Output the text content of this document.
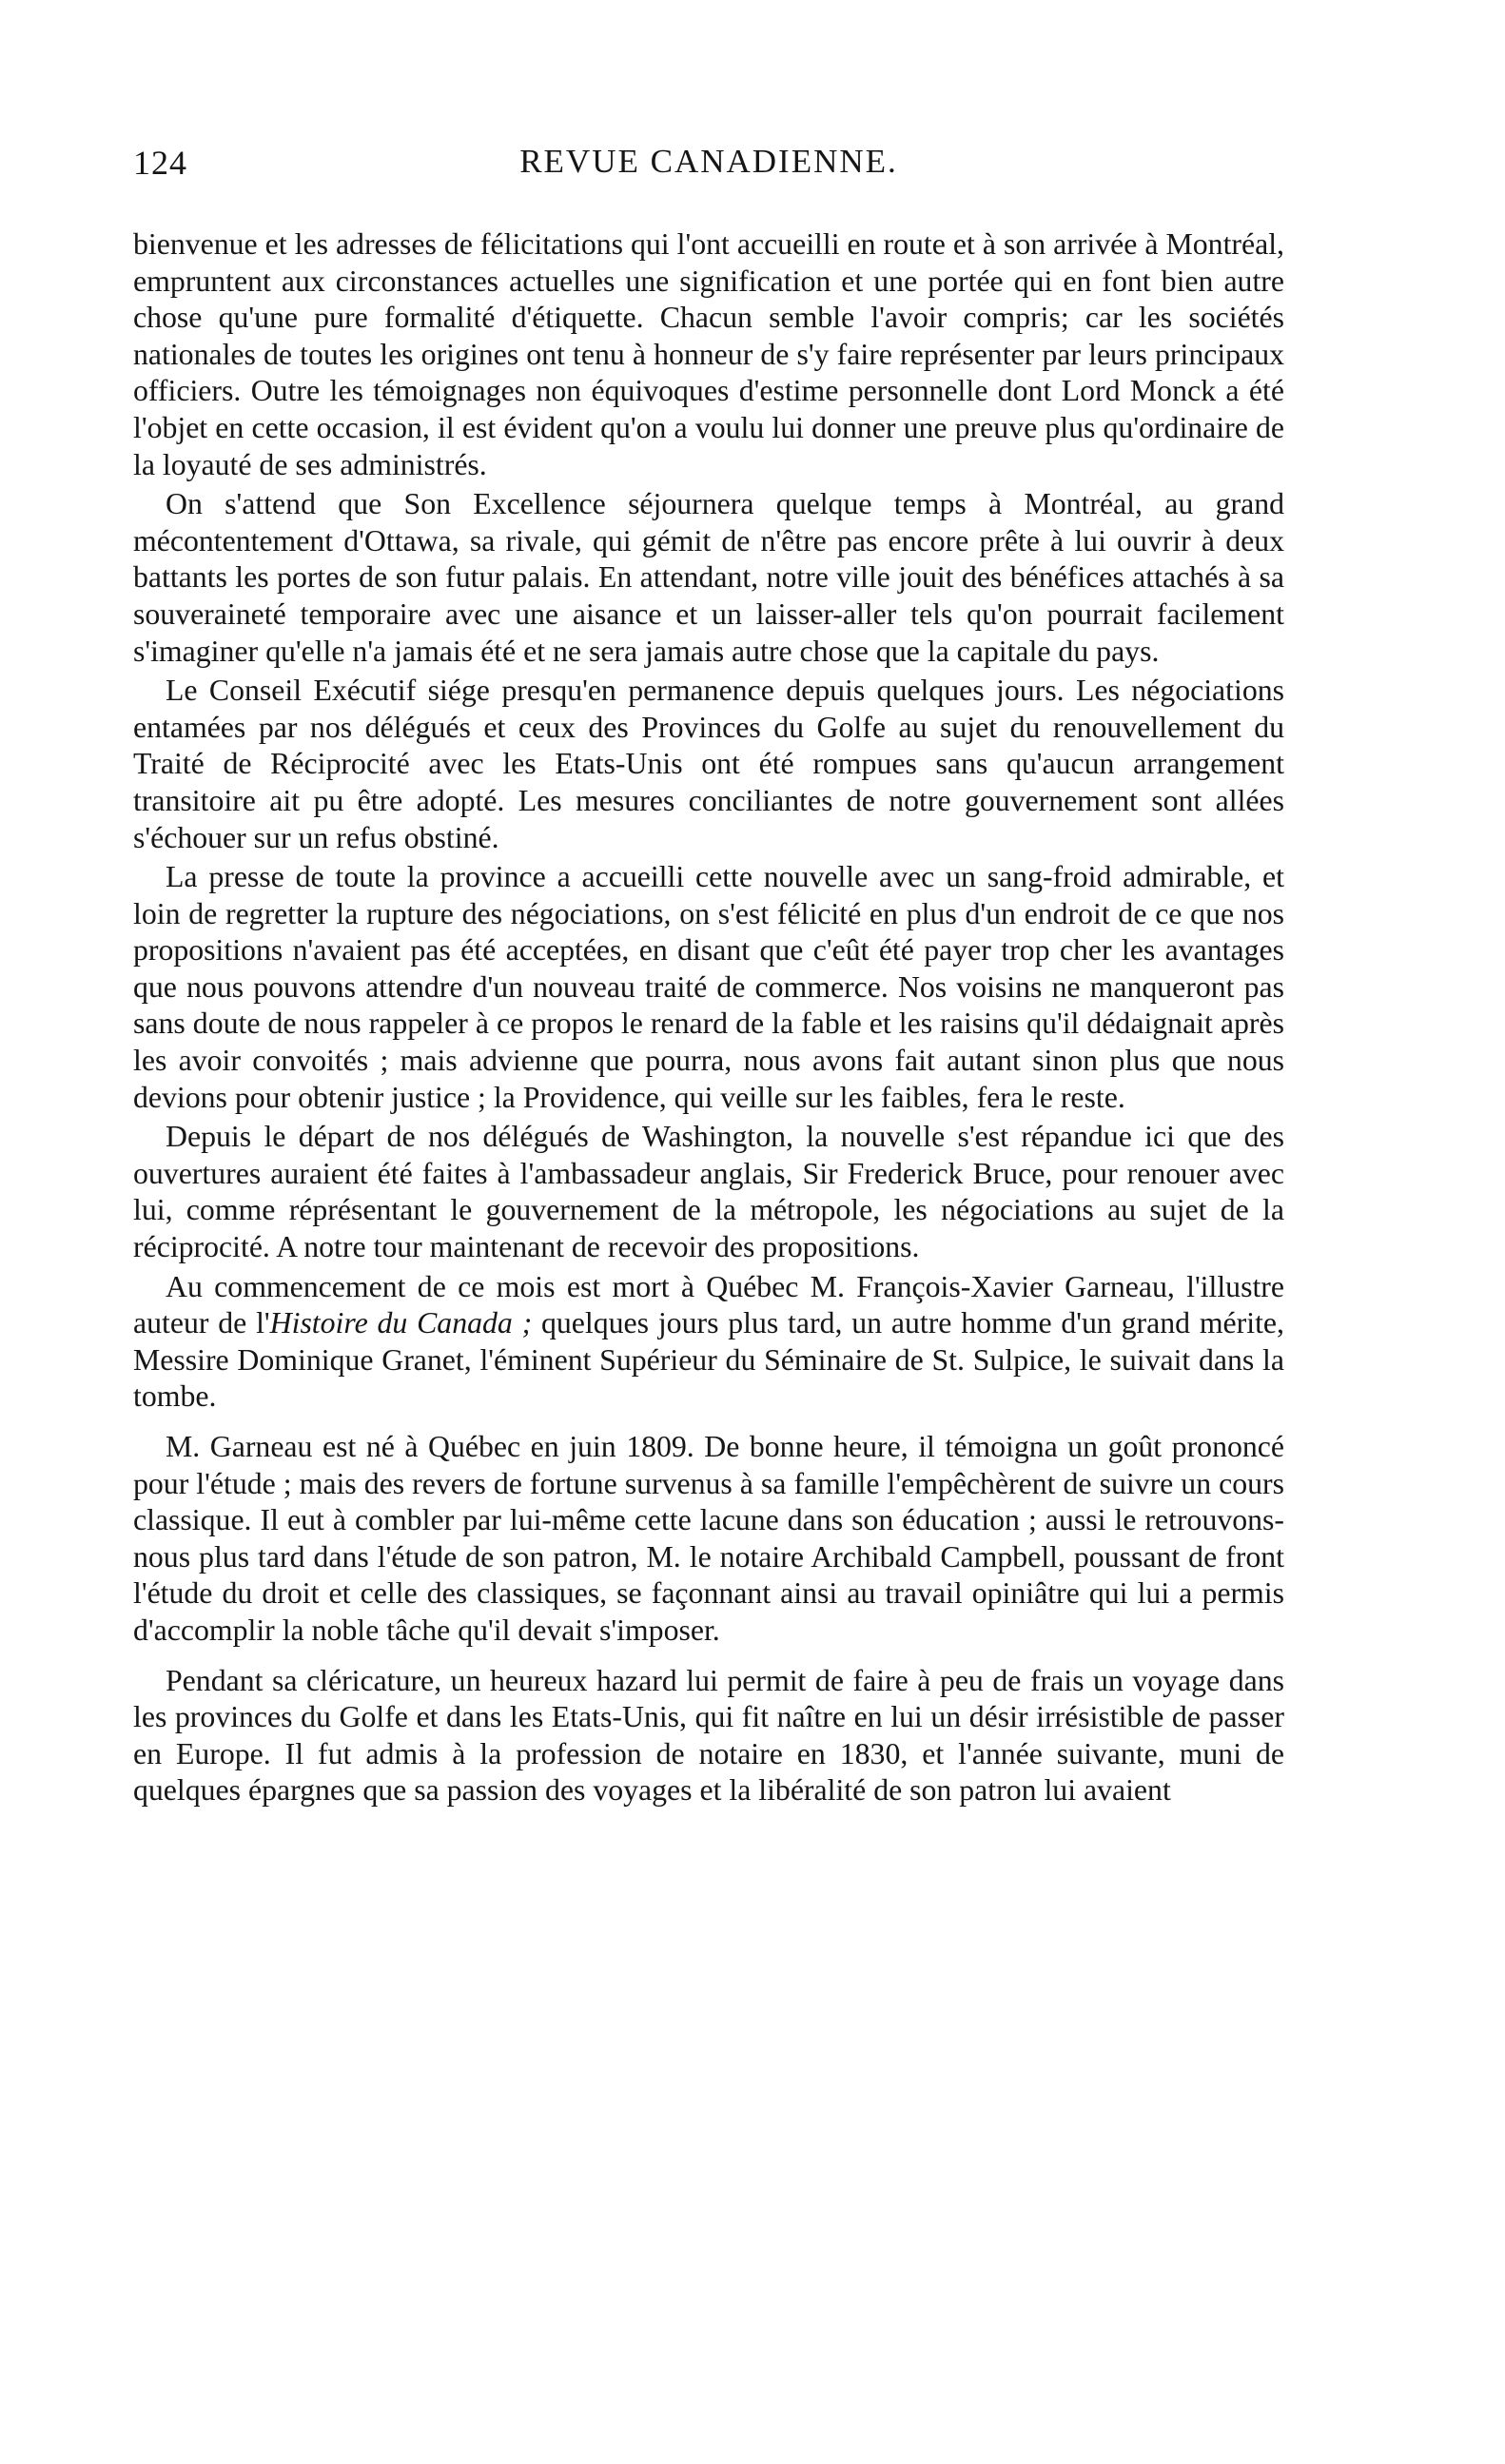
124	REVUE CANADIENNE.

bienvenue et les adresses de félicitations qui l'ont accueilli en route et à son arrivée à Montréal, empruntent aux circonstances actuelles une signification et une portée qui en font bien autre chose qu'une pure formalité d'étiquette. Chacun semble l'avoir compris; car les sociétés nationales de toutes les origines ont tenu à honneur de s'y faire représenter par leurs principaux officiers. Outre les témoignages non équivoques d'estime personnelle dont Lord Monck a été l'objet en cette occasion, il est évident qu'on a voulu lui donner une preuve plus qu'ordinaire de la loyauté de ses administrés.

On s'attend que Son Excellence séjournera quelque temps à Montréal, au grand mécontentement d'Ottawa, sa rivale, qui gémit de n'être pas encore prête à lui ouvrir à deux battants les portes de son futur palais. En attendant, notre ville jouit des bénéfices attachés à sa souveraineté temporaire avec une aisance et un laisser-aller tels qu'on pourrait facilement s'imaginer qu'elle n'a jamais été et ne sera jamais autre chose que la capitale du pays.

Le Conseil Exécutif siége presqu'en permanence depuis quelques jours. Les négociations entamées par nos délégués et ceux des Provinces du Golfe au sujet du renouvellement du Traité de Réciprocité avec les Etats-Unis ont été rompues sans qu'aucun arrangement transitoire ait pu être adopté. Les mesures conciliantes de notre gouvernement sont allées s'échouer sur un refus obstiné.

La presse de toute la province a accueilli cette nouvelle avec un sang-froid admirable, et loin de regretter la rupture des négociations, on s'est félicité en plus d'un endroit de ce que nos propositions n'avaient pas été acceptées, en disant que c'eût été payer trop cher les avantages que nous pouvons attendre d'un nouveau traité de commerce. Nos voisins ne manqueront pas sans doute de nous rappeler à ce propos le renard de la fable et les raisins qu'il dédaignait après les avoir convoités ; mais advienne que pourra, nous avons fait autant sinon plus que nous devions pour obtenir justice ; la Providence, qui veille sur les faibles, fera le reste.

Depuis le départ de nos délégués de Washington, la nouvelle s'est répandue ici que des ouvertures auraient été faites à l'ambassadeur anglais, Sir Frederick Bruce, pour renouer avec lui, comme réprésentant le gouvernement de la métropole, les négociations au sujet de la réciprocité. A notre tour maintenant de recevoir des propositions.

Au commencement de ce mois est mort à Québec M. François-Xavier Garneau, l'illustre auteur de l'Histoire du Canada ; quelques jours plus tard, un autre homme d'un grand mérite, Messire Dominique Granet, l'éminent Supérieur du Séminaire de St. Sulpice, le suivait dans la tombe.

M. Garneau est né à Québec en juin 1809. De bonne heure, il témoigna un goût prononcé pour l'étude ; mais des revers de fortune survenus à sa famille l'empêchèrent de suivre un cours classique. Il eut à combler par lui-même cette lacune dans son éducation ; aussi le retrouvons-nous plus tard dans l'étude de son patron, M. le notaire Archibald Campbell, poussant de front l'étude du droit et celle des classiques, se façonnant ainsi au travail opiniâtre qui lui a permis d'accomplir la noble tâche qu'il devait s'imposer.

Pendant sa cléricature, un heureux hazard lui permit de faire à peu de frais un voyage dans les provinces du Golfe et dans les Etats-Unis, qui fit naître en lui un désir irrésistible de passer en Europe. Il fut admis à la profession de notaire en 1830, et l'année suivante, muni de quelques épargnes que sa passion des voyages et la libéralité de son patron lui avaient
